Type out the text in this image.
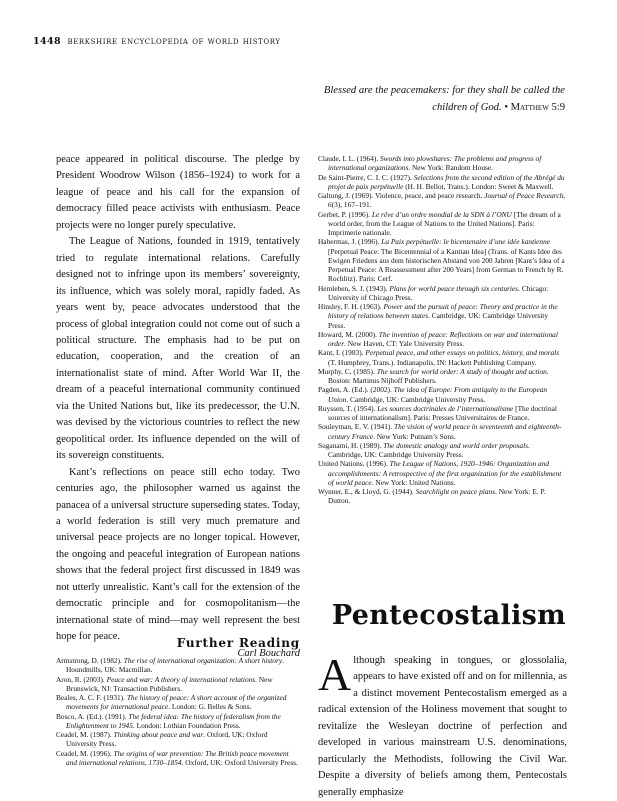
1448 berkshire encyclopedia of world history
Blessed are the peacemakers: for they shall be called the children of God. • Matthew 5:9

peace appeared in political discourse. The pledge by President Woodrow Wilson (1856–1924) to work for a league of peace and his call for the expansion of democracy filled peace activists with enthusiasm. Peace projects were no longer purely speculative.

The League of Nations, founded in 1919, tentatively tried to regulate international relations. Carefully designed not to infringe upon its members’ sovereignty, its influence, which was solely moral, rapidly faded. As years went by, peace advocates understood that the process of global integration could not come out of such a political structure. The emphasis had to be put on education, cooperation, and the creation of an internationalist state of mind. After World War II, the dream of a peaceful international community continued via the United Nations but, like its predecessor, the U.N. was devised by the victorious countries to reflect the new geopolitical order. Its influence depended on the will of its sovereign constituents.

Kant’s reflections on peace still echo today. Two centuries ago, the philosopher warned us against the panacea of a universal structure superseding states. Today, a world federation is still very much premature and universal peace projects are no longer topical. However, the ongoing and peaceful integration of European nations shows that the federal project first discussed in 1849 was not utterly unrealistic. Kant’s call for the extension of the democratic principle and for cosmopolitanism—the international state of mind—may well represent the best hope for peace.

Carl Bouchard

Claude, I. L. (1964). Swords into plowshares: The problems and progress of international organizations. New York: Random House.

De Saint-Pierre, C. I. C. (1927). Selections from the second edition of the Abrégé du projet de paix perpétuelle (H. H. Bellot, Trans.). London: Sweet & Maxwell.

Galtung, J. (1969). Violence, peace, and peace research. Journal of Peace Research, 6(3), 167–191.

Gerbet, P. (1996). Le rêve d’un ordre mondial de la SDN à l’ONU [The dream of a world order, from the League of Nations to the United Nations]. Paris: Imprimerie nationale.

Habermas, J. (1996). La Paix perpétuelle: le bicentenaire d’une idée kantienne [Perpetual Peace: The Bicentennial of a Kantian Idea] (Trans. of Kants Idee des Ewigen Friedens aus dem historischen Abstand von 200 Jahren [Kant’s Idea of a Perpetual Peace: A Reassessment after 200 Years] from German to French by R. Rochlitz). Paris: Cerf.

Hemleben, S. J. (1943). Plans for world peace through six centuries. Chicago: University of Chicago Press.

Hinsley, F. H. (1963). Power and the pursuit of peace: Theory and practice in the history of relations between states. Cambridge, UK: Cambridge University Press.

Howard, M. (2000). The invention of peace: Reflections on war and international order. New Haven, CT: Yale University Press.

Kant, I. (1983). Perpetual peace, and other essays on politics, history, and morals (T. Humphrey, Trans.). Indianapolis, IN: Hackett Publishing Company.

Murphy, C. (1985). The search for world order: A study of thought and action. Boston: Martinus Nijhoff Publishers.

Pagden, A. (Ed.). (2002). The idea of Europe: From antiquity to the European Union. Cambridge, UK: Cambridge University Press.

Ruyssen, T. (1954). Les sources doctrinales de l’internationalisme [The doctrinal sources of internationalism]. Paris: Presses Universitaires de France.

Souleyman, E. V. (1941). The vision of world peace in seventeenth and eighteenth-century France. New York: Putnam’s Sons.

Suganami, H. (1989). The domestic analogy and world order proposals. Cambridge, UK: Cambridge University Press.

United Nations. (1996). The League of Nations, 1920–1946: Organization and accomplishments: A retrospective of the first organization for the establishment of world peace. New York: United Nations.

Wynner, E., & Lloyd, G. (1944). Searchlight on peace plans. New York: E. P. Dutton.

Further Reading

Armstrong, D. (1982). The rise of international organization: A short history. Houndmills, UK: Macmillan.

Aron, R. (2003). Peace and war: A theory of international relations. New Brunswick, NJ: Transaction Publishers.

Beales, A. C. F. (1931). The history of peace: A short account of the organized movements for international peace. London: G. Belles & Sons.

Bosco, A. (Ed.). (1991). The federal idea: The history of federalism from the Enlightenment to 1945. London: Lothian Foundation Press.

Ceadel, M. (1987). Thinking about peace and war. Oxford, UK: Oxford University Press.

Ceadel, M. (1996). The origins of war prevention: The British peace movement and international relations, 1730–1854. Oxford, UK: Oxford University Press.

Pentecostalism

Although speaking in tongues, or glossolalia, appears to have existed off and on for millennia, as a distinct movement Pentecostalism emerged as a radical extension of the Holiness movement that sought to revitalize the Wesleyan doctrine of perfection and developed in various mainstream U.S. denominations, particularly the Methodists, following the Civil War. Despite a diversity of beliefs among them, Pentecostals generally emphasize
